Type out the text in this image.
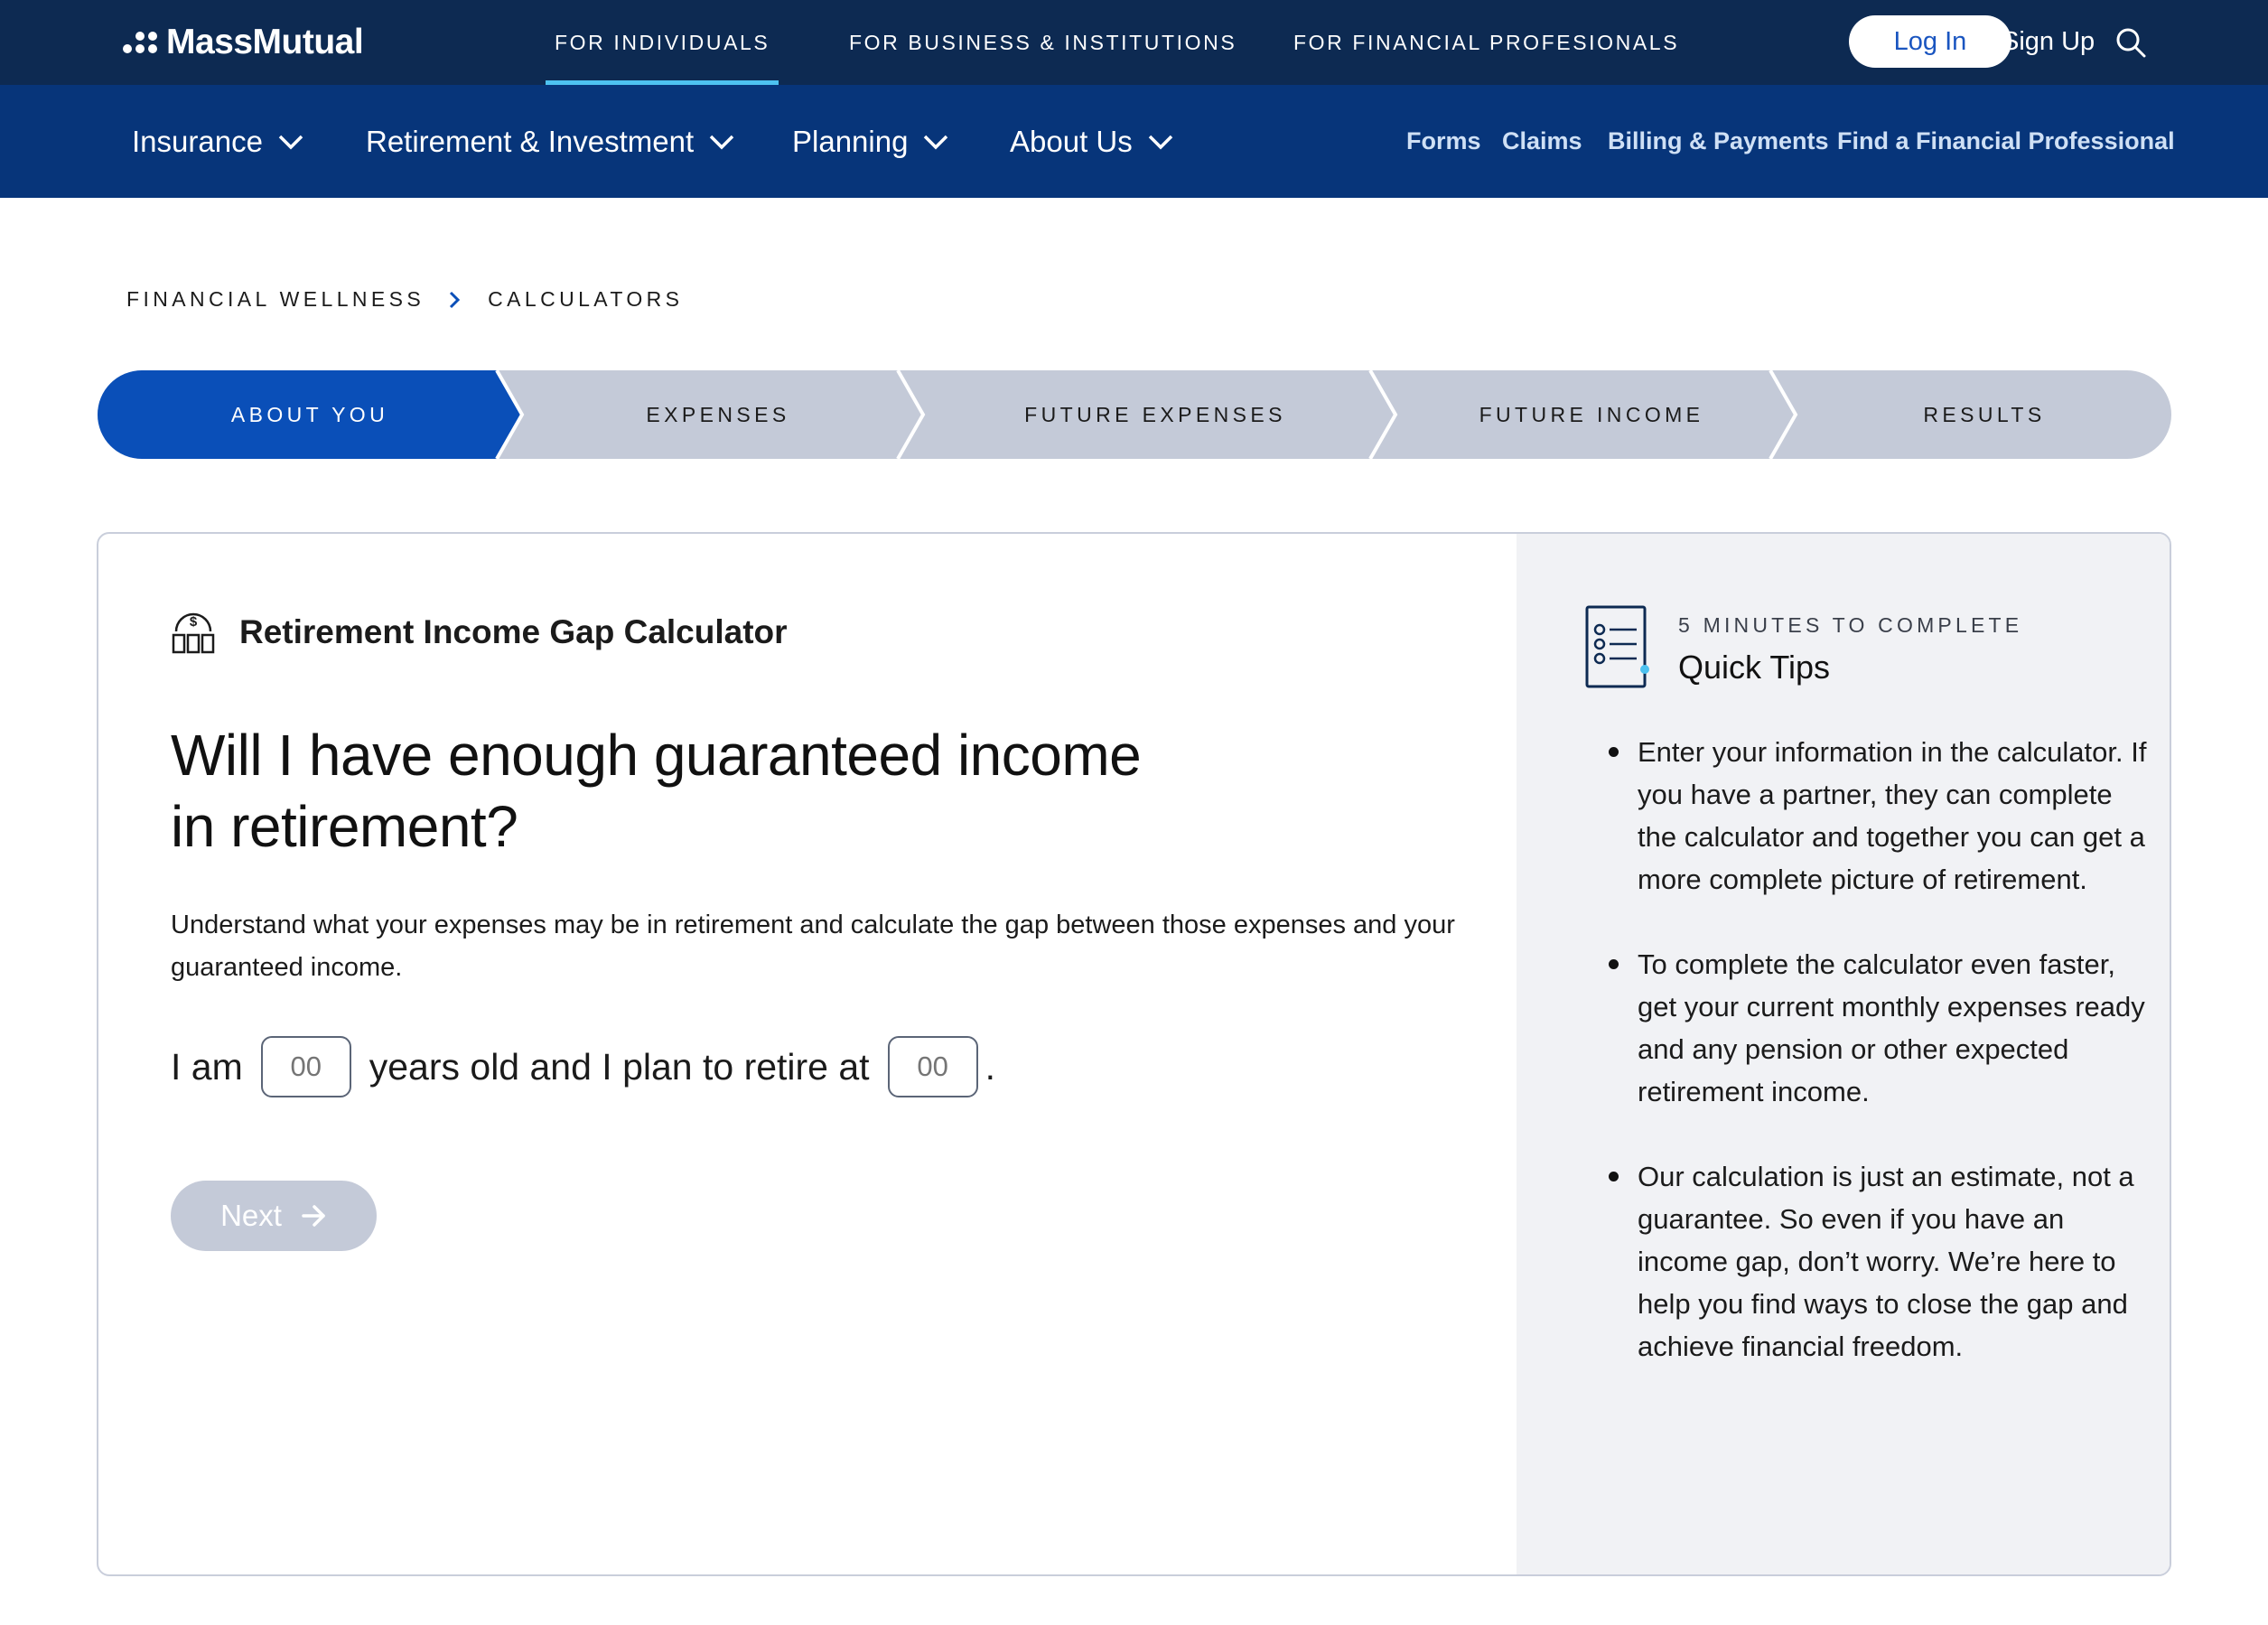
MassMutual	FOR INDIVIDUALS	FOR BUSINESS & INSTITUTIONS	FOR FINANCIAL PROFESIONALS	Log In	Sign Up
Insurance	Retirement & Investment	Planning	About Us	Forms Claims Billing & Payments Find a Financial Professional
FINANCIAL WELLNESS	CALCULATORS
ABOUT YOU	EXPENSES	FUTURE EXPENSES	FUTURE INCOME	RESULTS
$ Retirement Income Gap Calculator
Will I have enough guaranteed income
in retirement?

Understand what your expenses may be in retirement and calculate the gap between those expenses and your guaranteed income.

I am
00	years old and I plan to retire at
00	.
Next
5 MINUTES TO COMPLETE
Quick Tips
Enter your information in the calculator. If you have a partner, they can complete the calculator and together you can get a more complete picture of retirement.
To complete the calculator even faster, get your current monthly expenses ready and any pension or other expected retirement income.
Our calculation is just an estimate, not a guarantee. So even if you have an income gap, don’t worry. We’re here to help you find ways to close the gap and achieve financial freedom.
